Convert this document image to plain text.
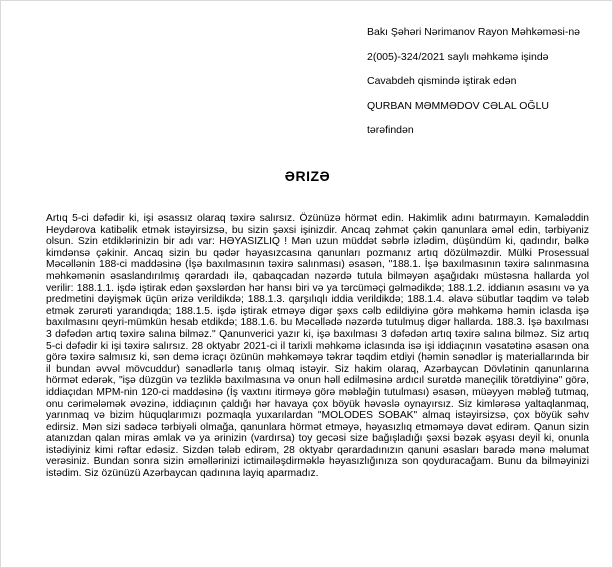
Bakı Şəhəri Nərimanov Rayon Məhkəməsi-nə
2(005)-324/2021 saylı məhkəmə işində
Cavabdeh qismində iştirak edən
QURBAN MƏMMƏDOV CƏLAL OĞLU
tərəfindən
ƏRIZƏ

Artıq 5-ci dəfədir ki, işi əsassız olaraq təxirə salırsız. Özünüzə hörmət edin. Hakimlik adını batırmayın. Kəmaləddin Heydərova katibəlik etmək istəyirsizsə, bu sizin şəxsi işinizdir. Ancaq zəhmət çəkin qanunlara əməl edin, tərbiyəniz olsun. Szin etdiklərinizin bir adı var: HƏYASIZLIQ ! Mən uzun müddət səbrlə izlədim, düşündüm ki, qadındır, bəlkə kimdənsə çəkinir. Ancaq sizin bu qədər həyasızcasına qanunları pozmanız artıq dözülməzdir. Mülki Prosessual Məcəllənin 188-ci maddəsinə (İşə baxılmasının təxirə salınması) əsasən, "188.1. İşə baxılmasının təxirə salınmasına məhkəmənin əsaslandırılmış qərardadı ilə, qabaqcadan nəzərdə tutula bilməyən aşağıdakı müstəsna hallarda yol verilir: 188.1.1. işdə iştirak edən şəxslərdən hər hansı biri və ya tərcüməçi gəlmədikdə; 188.1.2. iddianın əsasını və ya predmetini dəyişmək üçün ərizə verildikdə; 188.1.3. qarşılıqlı iddia verildikdə; 188.1.4. əlavə sübutlar təqdim və tələb etmək zərurəti yarandıqda; 188.1.5. işdə iştirak etməyə digər şəxs cəlb edildiyinə görə məhkəmə həmin iclasda işə baxılmasını qeyri-mümkün hesab etdikdə; 188.1.6. bu Məcəllədə nəzərdə tutulmuş digər hallarda. 188.3. İşə baxılması 3 dəfədən artıq təxirə salına bilməz." Qanunverici yazır ki, işə baxılması 3 dəfədən artıq təxirə salına bilməz. Siz artıq 5-ci dəfədir ki işi təxirə salırsız. 28 oktyabr 2021-ci il tarixli məhkəmə iclasında isə işi iddiaçının vəsatətinə əsasən ona görə təxirə salmısız ki, sən demə icraçı özünün məhkəməyə təkrar təqdim etdiyi (həmin sənədlər iş materiallarında bir il bundan əvvəl mövcuddur) sənədlərlə tanış olmaq istəyir. Siz hakim olaraq, Azərbaycan Dövlətinin qanunlarına hörmət edərək, "işə düzgün və tezliklə baxılmasına və onun həll edilməsinə ardıcıl surətdə maneçilik törətdiyinə" görə, iddiaçıdan MPM-nin 120-ci maddəsinə (İş vaxtını itirməyə görə məbləğin tutulması) əsasən, müəyyən məbləğ tutmaq, onu cərimələmək əvəzinə, iddiaçının çaldığı hər havaya çox böyük həvəslə oynayırsız. Siz kimlərəsə yaltaqlanmaq, yarınmaq və bizim hüquqlarımızı pozmaqla yuxarılardan "MOLODES SOBAK" almaq istəyirsizsə, çox böyük səhv edirsiz. Mən sizi sadəcə tərbiyəli olmağa, qanunlara hörmət etməyə, həyasızlıq etməməyə dəvət edirəm. Qanun sizin atanızdan qalan miras əmlak və ya ərinizin (vardırsa) toy gecəsi size bağışladığı şəxsi bəzək əşyası deyil ki, onunla istədiyiniz kimi rəftar edəsiz. Sizdən tələb edirəm, 28 oktyabr qərardadınızın qanuni əsasları barədə mənə məlumat verəsiniz. Bundan sonra sizin əməllərinizi ictimailəşdirməklə həyasızlığınıza son qoyduracağam. Bunu da bilməyinizi istədim. Siz özünüzü Azərbaycan qadınına layiq aparmadız.
